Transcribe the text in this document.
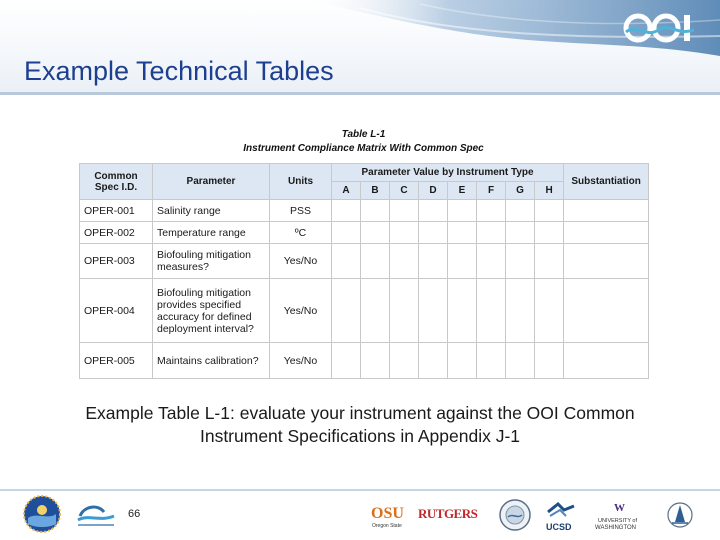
Example Technical Tables
Table L-1
Instrument Compliance Matrix With Common Spec
Common Spec I.D.	Parameter	Units	Parameter Value by Instrument Type								Substantiation
			A	B	C	D	E	F	G	H	
OPER-001	Salinity range	PSS									
OPER-002	Temperature range	ºC									
OPER-003	Biofouling mitigation measures?	Yes/No									
OPER-004	Biofouling mitigation provides specified accuracy for defined deployment interval?	Yes/No									
OPER-005	Maintains calibration?	Yes/No									
Example Table L-1: evaluate your instrument against the OOI Common
Instrument Specifications in Appendix J-1
66	OSU
Oregon State
RUTGERS
UCSD
W
UNIVERSITY of
WASHINGTON
